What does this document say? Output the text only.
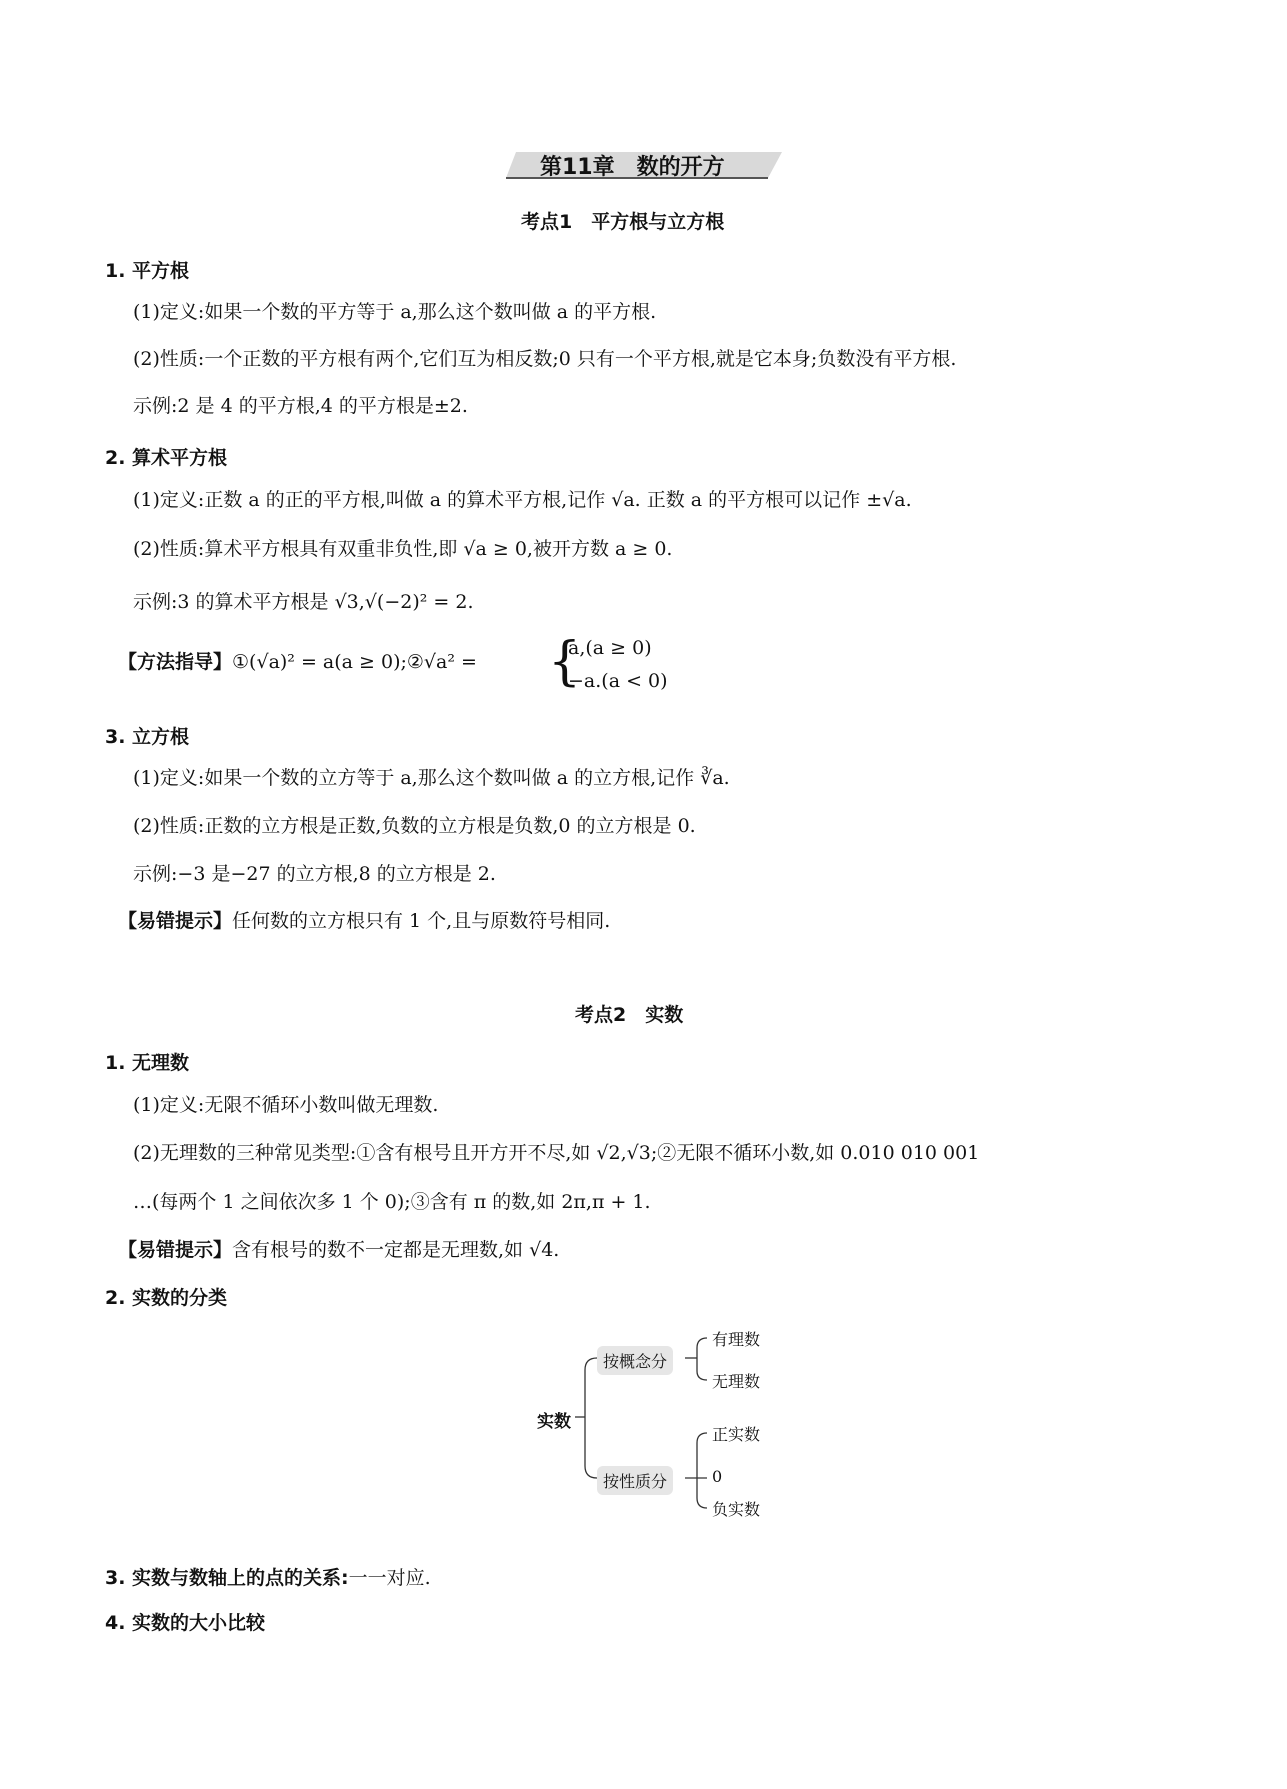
第11章　数的开方
考点1　平方根与立方根
1. 平方根
(1)定义:如果一个数的平方等于 a,那么这个数叫做 a 的平方根.
(2)性质:一个正数的平方根有两个,它们互为相反数;0 只有一个平方根,就是它本身;负数没有平方根.
示例:2 是 4 的平方根,4 的平方根是±2.
2. 算术平方根
(1)定义:正数 a 的正的平方根,叫做 a 的算术平方根,记作 √a. 正数 a 的平方根可以记作 ±√a.
(2)性质:算术平方根具有双重非负性,即 √a ≥ 0,被开方数 a ≥ 0.
示例:3 的算术平方根是 √3,√(−2)² = 2.
【方法指导】①(√a)² = a(a ≥ 0);②√a² = {
a,(a ≥ 0)
−a.(a < 0)
3. 立方根
(1)定义:如果一个数的立方等于 a,那么这个数叫做 a 的立方根,记作 ∛a.
(2)性质:正数的立方根是正数,负数的立方根是负数,0 的立方根是 0.
示例:−3 是−27 的立方根,8 的立方根是 2.
【易错提示】任何数的立方根只有 1 个,且与原数符号相同.
考点2　实数
1. 无理数
(1)定义:无限不循环小数叫做无理数.
(2)无理数的三种常见类型:①含有根号且开方开不尽,如 √2,√3;②无限不循环小数,如 0.010 010 001
…(每两个 1 之间依次多 1 个 0);③含有 π 的数,如 2π,π + 1.
【易错提示】含有根号的数不一定都是无理数,如 √4.
2. 实数的分类
实数
按概念分
按性质分
有理数
无理数
正实数
0
负实数
3. 实数与数轴上的点的关系:一一对应.
4. 实数的大小比较
